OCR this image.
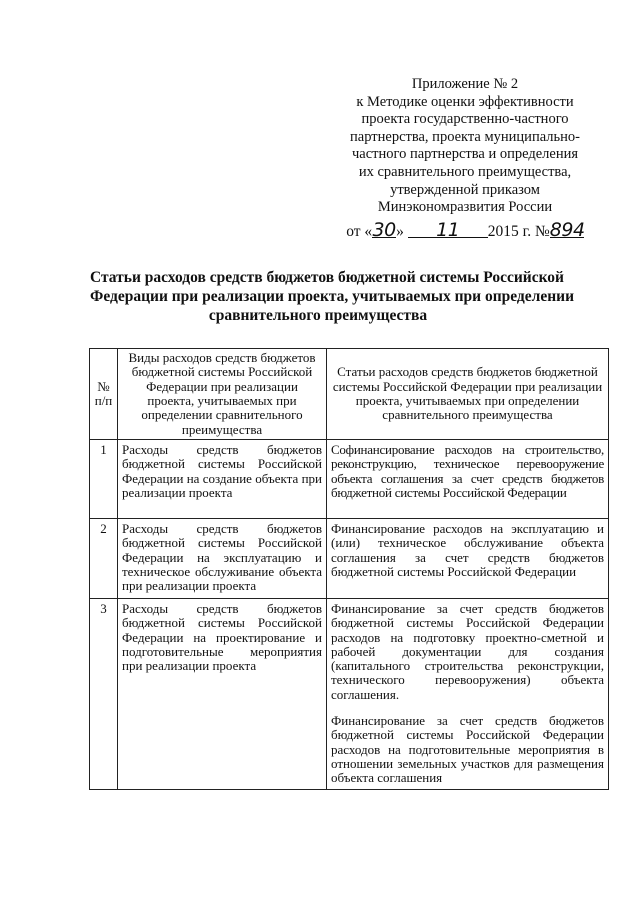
Приложение № 2
к Методике оценки эффективности
проекта государственно-частного
партнерства, проекта муниципально-
частного партнерства и определения
их сравнительного преимущества,
утвержденной приказом
Минэкономразвития России
от «30» 11 2015 г. №894
Статьи расходов средств бюджетов бюджетной системы Российской
Федерации при реализации проекта, учитываемых при определении
сравнительного преимущества
№ п/п	Виды расходов средств бюджетов бюджетной системы Российской Федерации при реализации проекта, учитываемых при определении сравнительного преимущества	Статьи расходов средств бюджетов бюджетной системы Российской Федерации при реализации проекта, учитываемых при определении сравнительного преимущества
1	Расходы средств бюджетов бюджетной системы Российской Федерации на создание объекта при реализации проекта	Софинансирование расходов на строительство, реконструкцию, техническое перевооружение объекта соглашения за счет средств бюджетов бюджетной системы Российской Федерации

2	Расходы средств бюджетов бюджетной системы Российской Федерации на эксплуатацию и техническое обслуживание объекта при реализации проекта	Финансирование расходов на эксплуатацию и (или) техническое обслуживание объекта соглашения за счет средств бюджетов бюджетной системы Российской Федерации

3	Расходы средств бюджетов бюджетной системы Российской Федерации на проектирование и подготовительные мероприятия при реализации проекта	Финансирование за счет средств бюджетов бюджетной системы Российской Федерации расходов на подготовку проектно-сметной и рабочей документации для создания (капитального строительства реконструкции, технического перевооружения) объекта соглашения.

Финансирование за счет средств бюджетов бюджетной системы Российской Федерации расходов на подготовительные мероприятия в отношении земельных участков для размещения объекта соглашения
